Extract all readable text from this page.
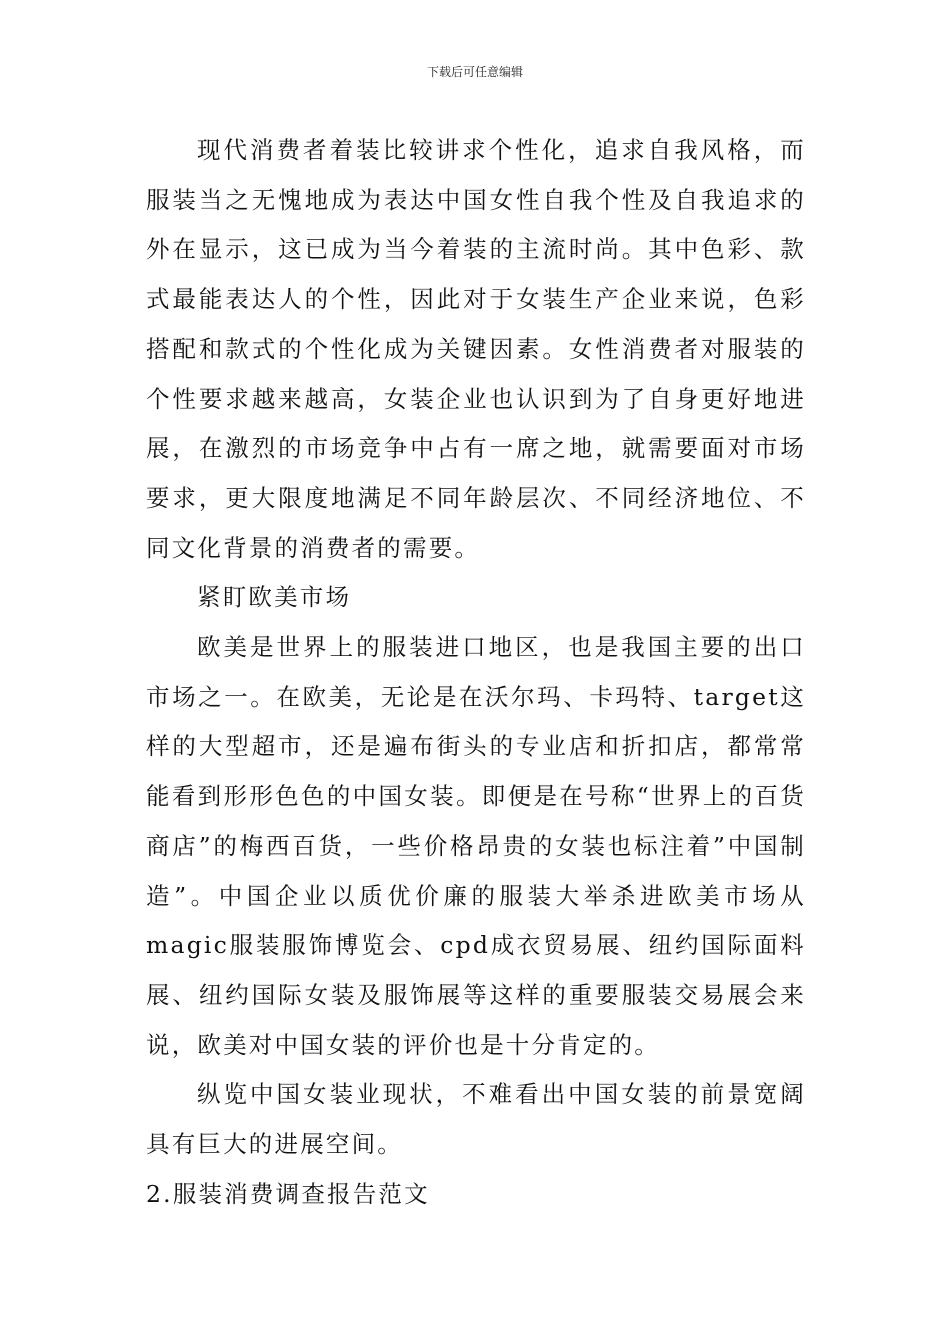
下载后可任意编辑

现代消费者着装比较讲求个性化，追求自我风格，而服装当之无愧地成为表达中国女性自我个性及自我追求的外在显示，这已成为当今着装的主流时尚。其中色彩、款式最能表达人的个性，因此对于女装生产企业来说，色彩搭配和款式的个性化成为关键因素。女性消费者对服装的个性要求越来越高，女装企业也认识到为了自身更好地进展，在激烈的市场竞争中占有一席之地，就需要面对市场要求，更大限度地满足不同年龄层次、不同经济地位、不同文化背景的消费者的需要。

紧盯欧美市场

欧美是世界上的服装进口地区，也是我国主要的出口市场之一。在欧美，无论是在沃尔玛、卡玛特、target这样的大型超市，还是遍布街头的专业店和折扣店，都常常能看到形形色色的中国女装。即便是在号称“世界上的百货商店”的梅西百货，一些价格昂贵的女装也标注着”中国制造”。中国企业以质优价廉的服装大举杀进欧美市场从magic服装服饰博览会、cpd成衣贸易展、纽约国际面料展、纽约国际女装及服饰展等这样的重要服装交易展会来说，欧美对中国女装的评价也是十分肯定的。

纵览中国女装业现状，不难看出中国女装的前景宽阔具有巨大的进展空间。

2.服装消费调查报告范文
